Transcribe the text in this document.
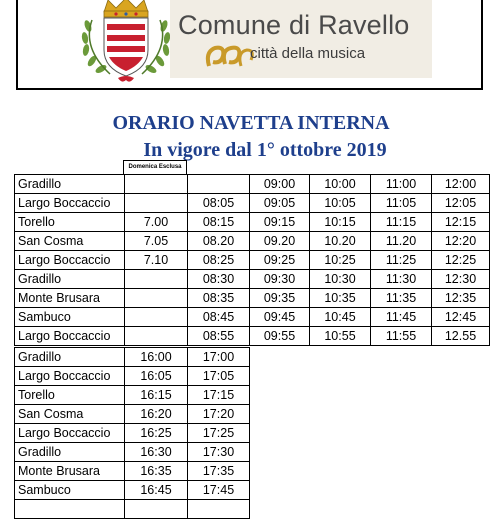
Comune di Ravello
città della musica
ORARIO NAVETTA INTERNA
In vigore dal 1° ottobre 2019
Domenica Esclusa
Gradillo			09:00	10:00	11:00	12:00
Largo Boccaccio		08:05	09:05	10:05	11:05	12:05
Torello	7.00	08:15	09:15	10:15	11:15	12:15
San Cosma	7.05	08.20	09.20	10.20	11.20	12:20
Largo Boccaccio	7.10	08:25	09:25	10:25	11:25	12:25
Gradillo		08:30	09:30	10:30	11:30	12:30
Monte Brusara		08:35	09:35	10:35	11:35	12:35
Sambuco		08:45	09:45	10:45	11:45	12:45
Largo Boccaccio		08:55	09:55	10:55	11:55	12.55
Gradillo	16:00	17:00
Largo Boccaccio	16:05	17:05
Torello	16:15	17:15
San Cosma	16:20	17:20
Largo Boccaccio	16:25	17:25
Gradillo	16:30	17:30
Monte Brusara	16:35	17:35
Sambuco	16:45	17:45
